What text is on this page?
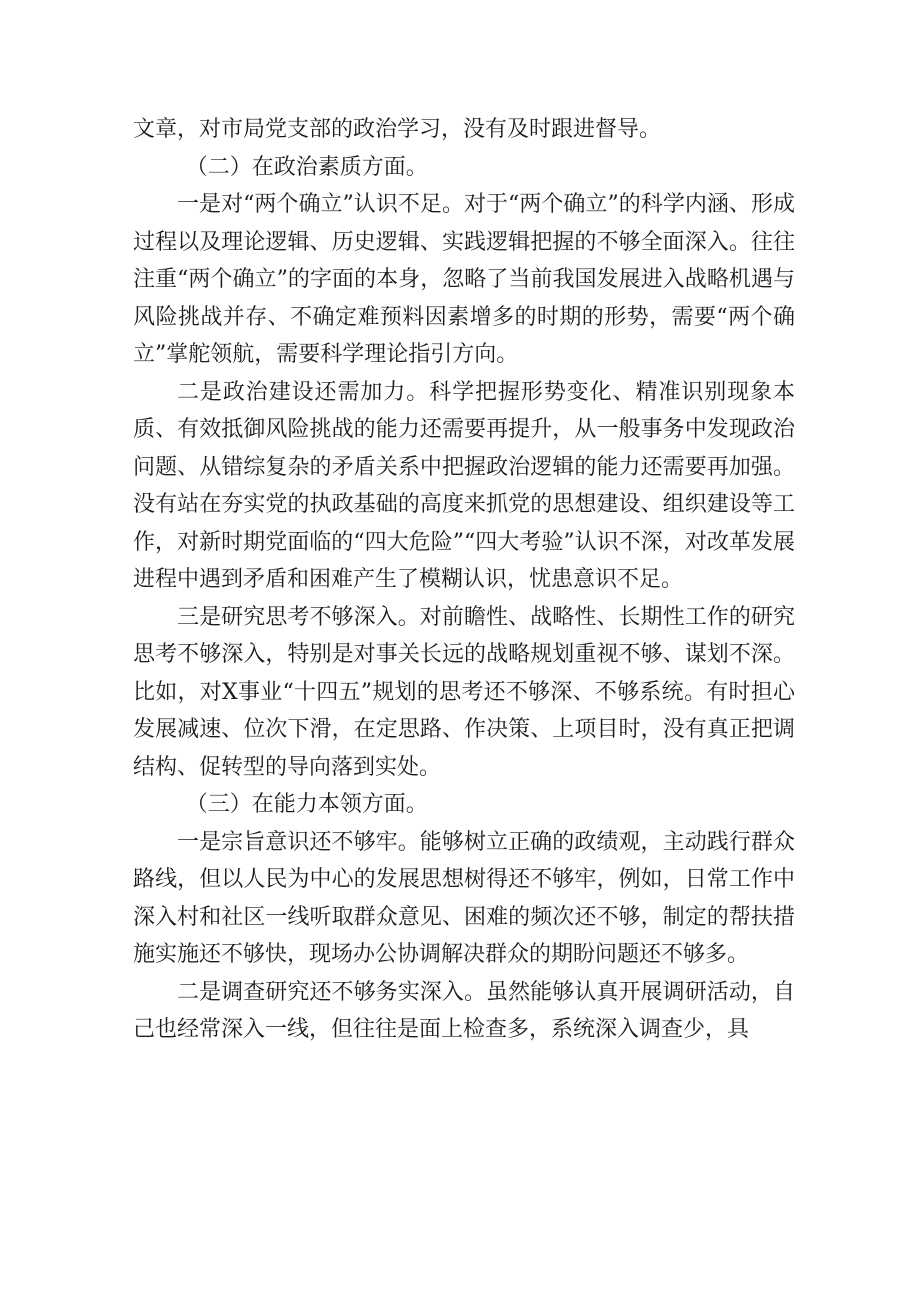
文章，对市局党支部的政治学习，没有及时跟进督导。

（二）在政治素质方面。

一是对“两个确立”认识不足。对于“两个确立”的科学内涵、形成过程以及理论逻辑、历史逻辑、实践逻辑把握的不够全面深入。往往注重“两个确立”的字面的本身，忽略了当前我国发展进入战略机遇与风险挑战并存、不确定难预料因素增多的时期的形势，需要“两个确立”掌舵领航，需要科学理论指引方向。

二是政治建设还需加力。科学把握形势变化、精准识别现象本质、有效抵御风险挑战的能力还需要再提升，从一般事务中发现政治问题、从错综复杂的矛盾关系中把握政治逻辑的能力还需要再加强。没有站在夯实党的执政基础的高度来抓党的思想建设、组织建设等工作，对新时期党面临的“四大危险”“四大考验”认识不深，对改革发展进程中遇到矛盾和困难产生了模糊认识，忧患意识不足。

三是研究思考不够深入。对前瞻性、战略性、长期性工作的研究思考不够深入，特别是对事关长远的战略规划重视不够、谋划不深。比如，对X事业“十四五”规划的思考还不够深、不够系统。有时担心发展减速、位次下滑，在定思路、作决策、上项目时，没有真正把调结构、促转型的导向落到实处。

（三）在能力本领方面。

一是宗旨意识还不够牢。能够树立正确的政绩观，主动践行群众路线，但以人民为中心的发展思想树得还不够牢，例如，日常工作中深入村和社区一线听取群众意见、困难的频次还不够，制定的帮扶措施实施还不够快，现场办公协调解决群众的期盼问题还不够多。

二是调查研究还不够务实深入。虽然能够认真开展调研活动，自己也经常深入一线，但往往是面上检查多，系统深入调查少，具
